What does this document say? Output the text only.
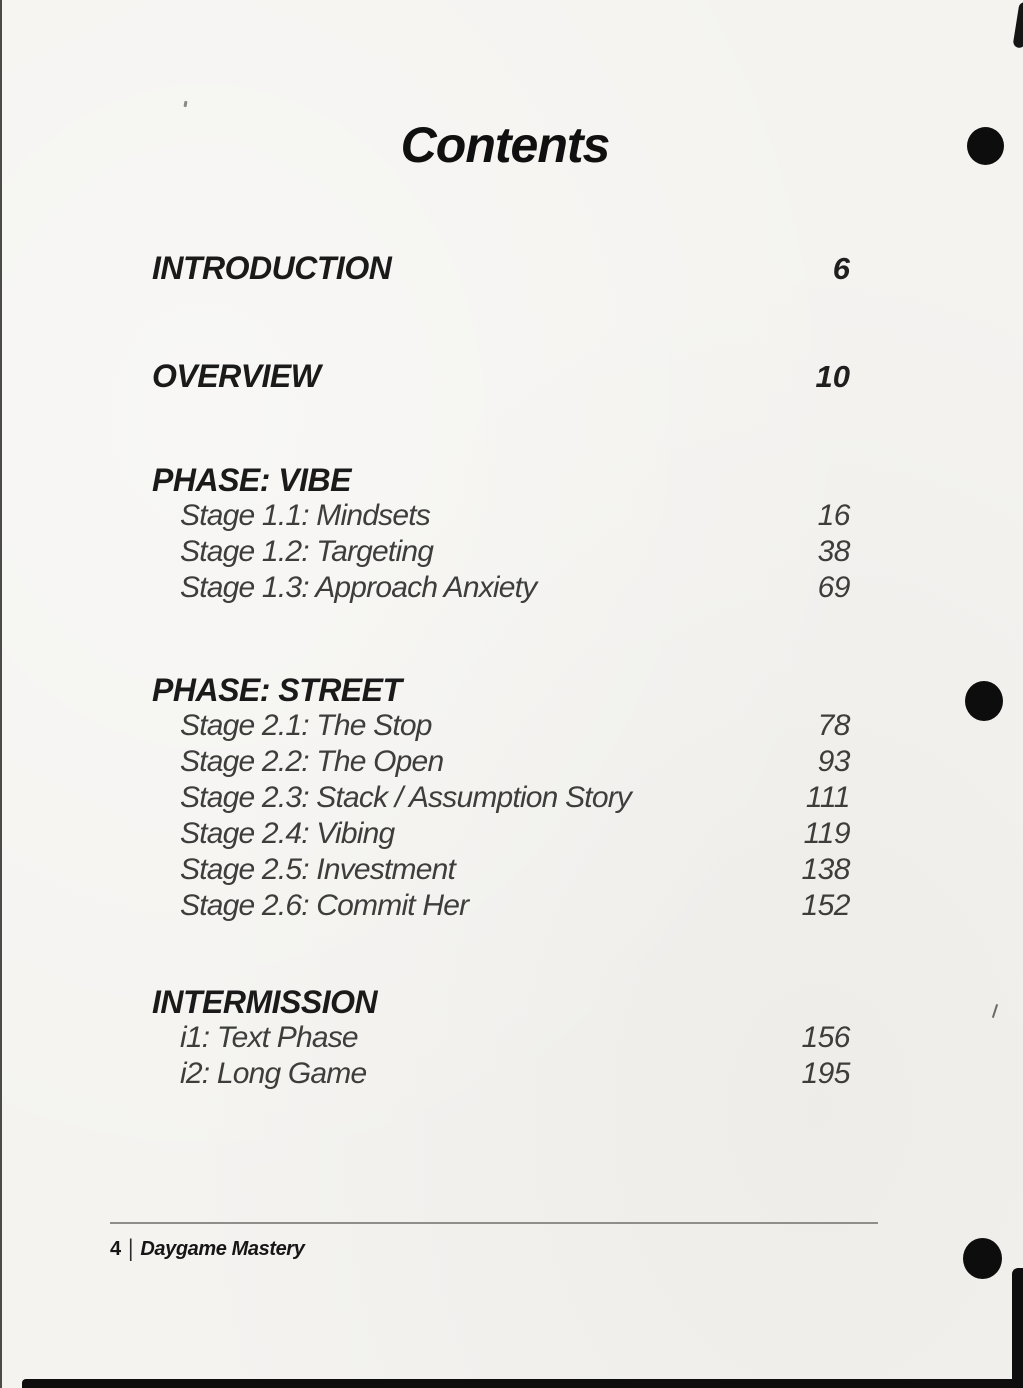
Contents
INTRODUCTION	6
OVERVIEW	10
PHASE: VIBE
Stage 1.1: Mindsets	16
Stage 1.2: Targeting	38
Stage 1.3: Approach Anxiety	69
PHASE: STREET
Stage 2.1: The Stop	78
Stage 2.2: The Open	93
Stage 2.3: Stack / Assumption Story	111
Stage 2.4: Vibing	119
Stage 2.5: Investment	138
Stage 2.6: Commit Her	152
INTERMISSION
i1: Text Phase	156
i2: Long Game	195
4 | Daygame Mastery
